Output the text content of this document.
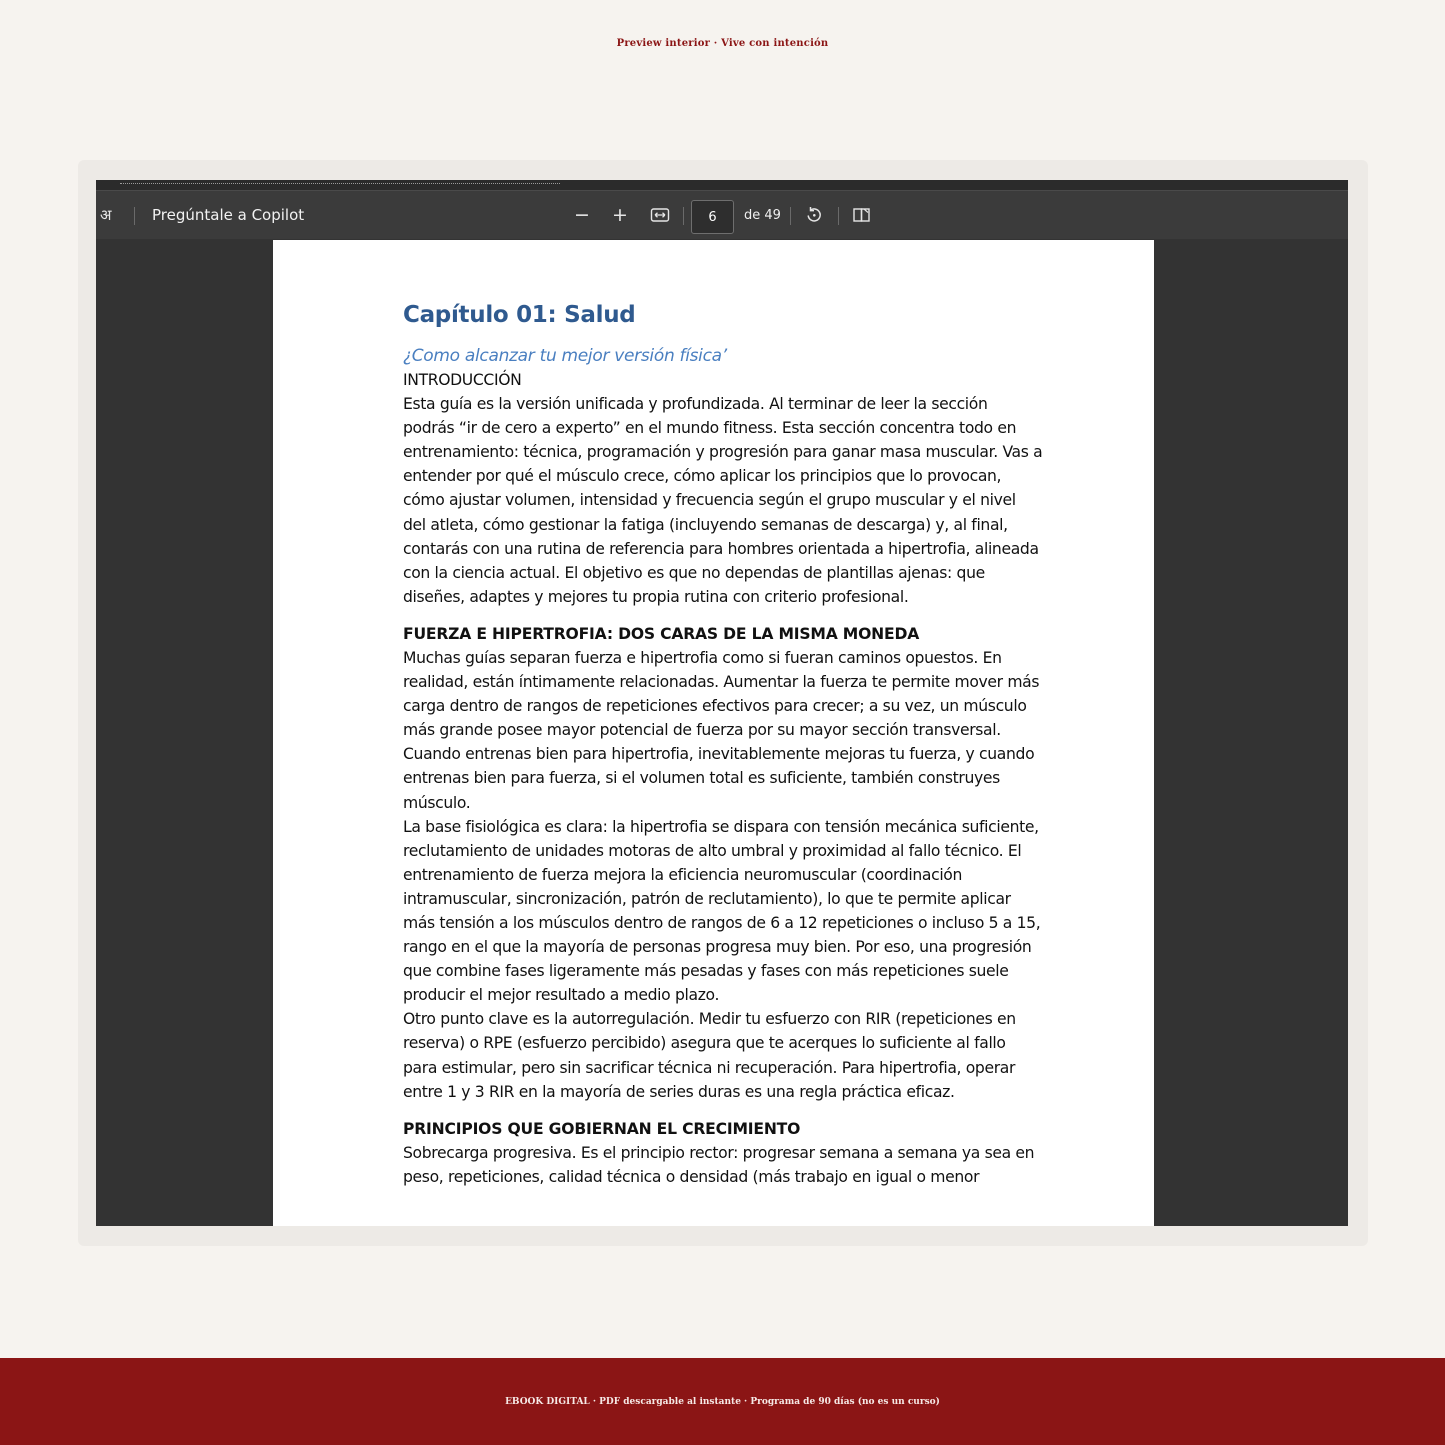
Preview interior · Vive con intención
अ	Pregúntale a Copilot	− +	6	de 49
Capítulo 01: Salud

¿Como alcanzar tu mejor versión física’

INTRODUCCIÓN

Esta guía es la versión unificada y profundizada. Al terminar de leer la sección podrás “ir de cero a experto” en el mundo fitness. Esta sección concentra todo en entrenamiento: técnica, programación y progresión para ganar masa muscular. Vas a entender por qué el músculo crece, cómo aplicar los principios que lo provocan, cómo ajustar volumen, intensidad y frecuencia según el grupo muscular y el nivel del atleta, cómo gestionar la fatiga (incluyendo semanas de descarga) y, al final, contarás con una rutina de referencia para hombres orientada a hipertrofia, alineada con la ciencia actual. El objetivo es que no dependas de plantillas ajenas: que diseñes, adaptes y mejores tu propia rutina con criterio profesional.

FUERZA E HIPERTROFIA: DOS CARAS DE LA MISMA MONEDA

Muchas guías separan fuerza e hipertrofia como si fueran caminos opuestos. En realidad, están íntimamente relacionadas. Aumentar la fuerza te permite mover más carga dentro de rangos de repeticiones efectivos para crecer; a su vez, un músculo más grande posee mayor potencial de fuerza por su mayor sección transversal. Cuando entrenas bien para hipertrofia, inevitablemente mejoras tu fuerza, y cuando entrenas bien para fuerza, si el volumen total es suficiente, también construyes músculo.

La base fisiológica es clara: la hipertrofia se dispara con tensión mecánica suficiente, reclutamiento de unidades motoras de alto umbral y proximidad al fallo técnico. El entrenamiento de fuerza mejora la eficiencia neuromuscular (coordinación intramuscular, sincronización, patrón de reclutamiento), lo que te permite aplicar más tensión a los músculos dentro de rangos de 6 a 12 repeticiones o incluso 5 a 15, rango en el que la mayoría de personas progresa muy bien. Por eso, una progresión que combine fases ligeramente más pesadas y fases con más repeticiones suele producir el mejor resultado a medio plazo.

Otro punto clave es la autorregulación. Medir tu esfuerzo con RIR (repeticiones en reserva) o RPE (esfuerzo percibido) asegura que te acerques lo suficiente al fallo para estimular, pero sin sacrificar técnica ni recuperación. Para hipertrofia, operar entre 1 y 3 RIR en la mayoría de series duras es una regla práctica eficaz.

PRINCIPIOS QUE GOBIERNAN EL CRECIMIENTO

Sobrecarga progresiva. Es el principio rector: progresar semana a semana ya sea en peso, repeticiones, calidad técnica o densidad (más trabajo en igual o menor

EBOOK DIGITAL · PDF descargable al instante · Programa de 90 días (no es un curso)
